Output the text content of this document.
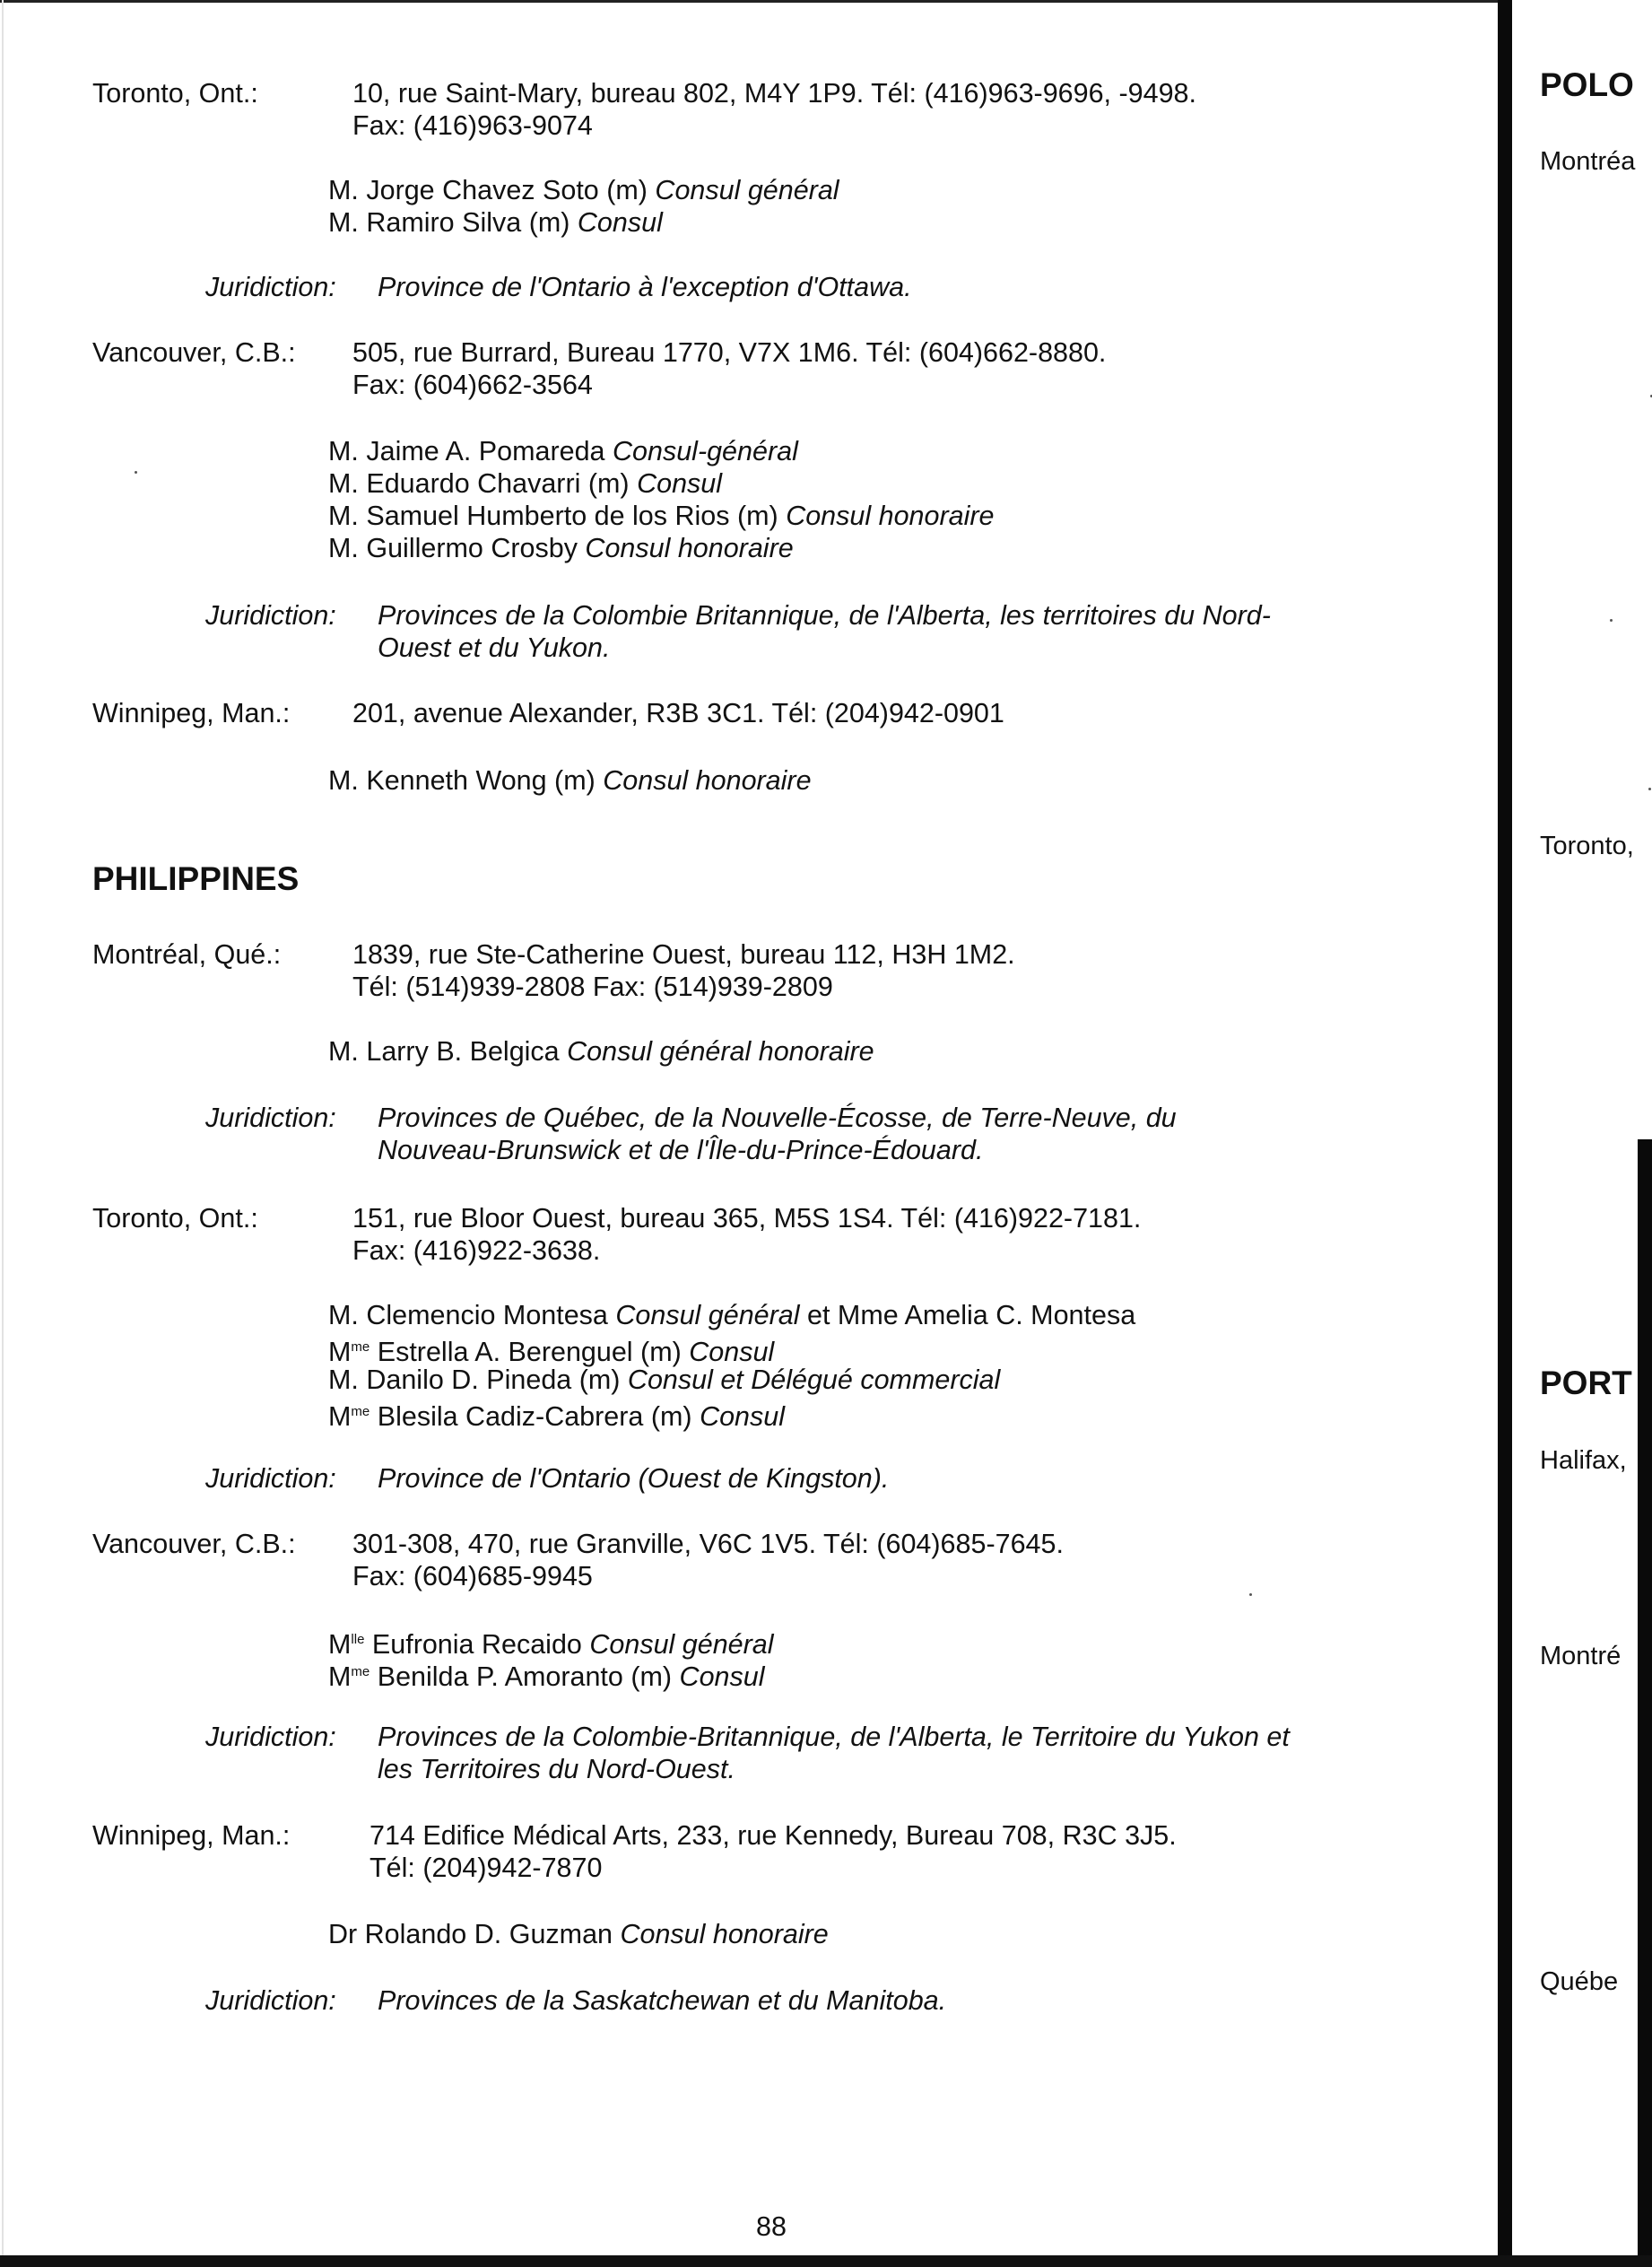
Toronto, Ont.:	10, rue Saint-Mary, bureau 802, M4Y 1P9. Tél: (416)963-9696, -9498.
Fax: (416)963-9074
M. Jorge Chavez Soto (m) Consul général
M. Ramiro Silva (m) Consul
Juridiction: Province de l'Ontario à l'exception d'Ottawa.
Vancouver, C.B.: 505, rue Burrard, Bureau 1770, V7X 1M6. Tél: (604)662-8880.
Fax: (604)662-3564
M. Jaime A. Pomareda Consul-général
M. Eduardo Chavarri (m) Consul
M. Samuel Humberto de los Rios (m) Consul honoraire
M. Guillermo Crosby Consul honoraire
Juridiction: Provinces de la Colombie Britannique, de l'Alberta, les territoires du Nord-
Ouest et du Yukon.
Winnipeg, Man.: 201, avenue Alexander, R3B 3C1. Tél: (204)942-0901
M. Kenneth Wong (m) Consul honoraire
PHILIPPINES
Montréal, Qué.:	1839, rue Ste-Catherine Ouest, bureau 112, H3H 1M2.
Tél: (514)939-2808 Fax: (514)939-2809
M. Larry B. Belgica Consul général honoraire
Juridiction: Provinces de Québec, de la Nouvelle-Écosse, de Terre-Neuve, du
Nouveau-Brunswick et de l'Île-du-Prince-Édouard.
Toronto, Ont.:	151, rue Bloor Ouest, bureau 365, M5S 1S4. Tél: (416)922-7181.
Fax: (416)922-3638.
M. Clemencio Montesa Consul général et Mme Amelia C. Montesa
$M^{me}$ Estrella A. Berenguel (m) Consul
M. Danilo D. Pineda (m) Consul et Délégué commercial
$M^{me}$ Blesila Cadiz-Cabrera (m) Consul
Juridiction: Province de l'Ontario (Ouest de Kingston).
Vancouver, C.B.: 301-308, 470, rue Granville, V6C 1V5. Tél: (604)685-7645.
Fax: (604)685-9945
$M^{lle}$ Eufronia Recaido Consul général
$M^{me}$ Benilda P. Amoranto (m) Consul
Juridiction: Provinces de la Colombie-Britannique, de l'Alberta, le Territoire du Yukon et
les Territoires du Nord-Ouest.
Winnipeg, Man.:	714 Edifice Médical Arts, 233, rue Kennedy, Bureau 708, R3C 3J5.
Tél: (204)942-7870
Dr Rolando D. Guzman Consul honoraire
Juridiction: Provinces de la Saskatchewan et du Manitoba.
88
POLO
Montréa
Toronto,
PORT
Halifax,
Montré
Québe
